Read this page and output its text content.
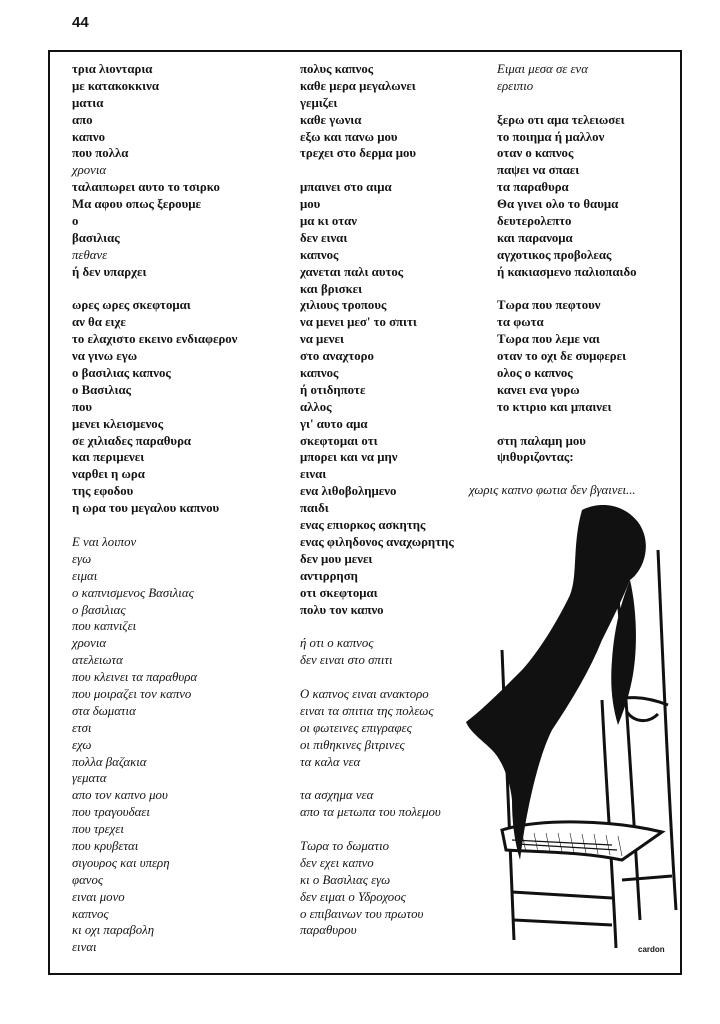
44
τρια λιονταρια
με κατακοκκινα
ματια
απο
καπνο
που πολλα
χρονια
ταλαιπωρει αυτο το τσιρκο
Μα αφου οπως ξερουμε
ο
βασιλιας
πεθανε
ή δεν υπαρχει
ωρες ωρες σκεφτομαι
αν θα ειχε
το ελαχιστο εκεινο ενδιαφερον
να γινω εγω
ο βασιλιας καπνος
ο Βασιλιας
που
μενει κλεισμενος
σε χιλιαδες παραθυρα
και περιμενει
ναρθει η ωρα
της εφοδου
η ωρα του μεγαλου καπνου
Ε ναι λοιπον
εγω
ειμαι
ο καπνισμενος Βασιλιας
ο βασιλιας
που καπνιζει
χρονια
ατελειωτα
που κλεινει τα παραθυρα
που μοιραζει τον καπνο
στα δωματια
ετσι
εχω
πολλα βαζακια
γεματα
απο τον καπνο μου
που τραγουδαει
που τρεχει
που κρυβεται
σιγουρος και υπερη
φανος
ειναι μονο
καπνος
κι οχι παραβολη
ειναι
πολυς καπνος
καθε μερα μεγαλωνει
γεμιζει
καθε γωνια
εξω και πανω μου
τρεχει στο δερμα μου
μπαινει στο αιμα
μου
μα κι οταν
δεν ειναι
καπνος
χανεται παλι αυτος
και βρισκει
χιλιους τροπους
να μενει μεσ' το σπιτι
να μενει
στο αναχτορο
καπνος
ή οτιδηποτε
αλλος
γι' αυτο αμα
σκεφτομαι οτι
μπορει και να μην
ειναι
ενα λιθοβολημενο
παιδι
ενας επιορκος ασκητης
ενας φιληδονος αναχωρητης
δεν μου μενει
αντιρρηση
οτι σκεφτομαι
πολυ τον καπνο
ή οτι ο καπνος
δεν ειναι στο σπιτι
Ο καπνος ειναι ανακτορο
ειναι τα σπιτια της πολεως
οι φωτεινες επιγραφες
οι πιθηκινες βιτρινες
τα καλα νεα
τα ασχημα νεα
απο τα μετωπα του πολεμου
Τωρα το δωματιο
δεν εχει καπνο
κι ο Βασιλιας εγω
δεν ειμαι ο Υδροχοος
ο επιβαινων του πρωτου
παραθυρου
Ειμαι μεσα σε ενα
ερειπιο
ξερω οτι αμα τελειωσει
το ποιημα ή μαλλον
οταν ο καπνος
παψει να σπαει
τα παραθυρα
Θα γινει ολο το θαυμα
δευτερολεπτο
και παρανομα
αγχοτικος προβολεας
ή κακιασμενο παλιοπαιδο
Τωρα που πεφτουν
τα φωτα
Τωρα που λεμε ναι
οταν το οχι δε συμφερει
ολος ο καπνος
κανει ενα γυρω
το κτιριο και μπαινει
στη παλαμη μου
ψιθυριζοντας:
χωρις καπνο φωτια δεν βγαινει...
cardon
